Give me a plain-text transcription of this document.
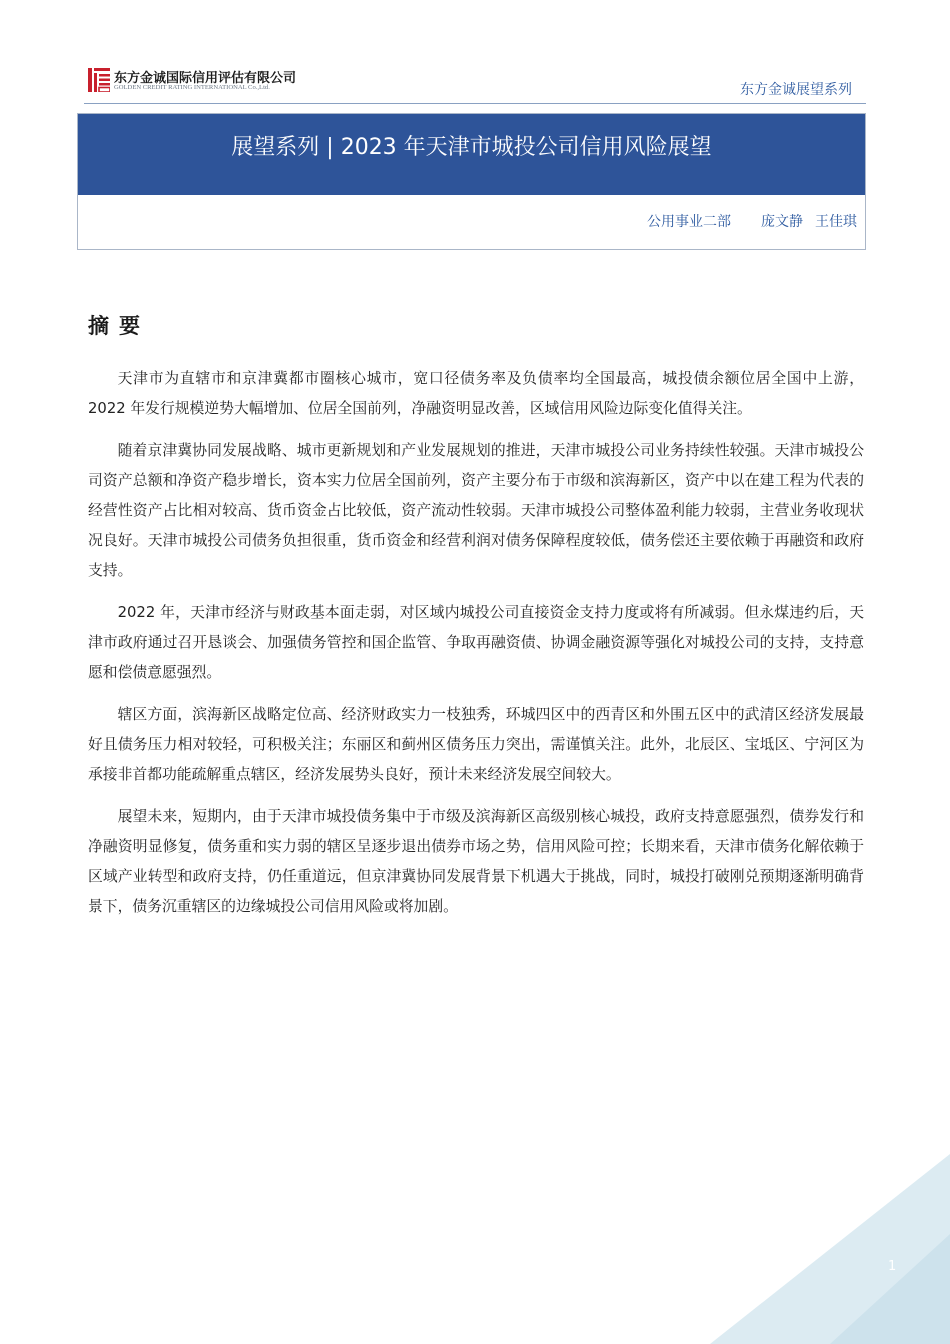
东方金诚国际信用评估有限公司
GOLDEN CREDIT RATING INTERNATIONAL Co.,Ltd.	东方金诚展望系列
展望系列 | 2023 年天津市城投公司信用风险展望
公用事业二部 庞文静 王佳琪
摘要

天津市为直辖市和京津冀都市圈核心城市，宽口径债务率及负债率均全国最高，城投债余额位居全国中上游，2022 年发行规模逆势大幅增加、位居全国前列，净融资明显改善，区域信用风险边际变化值得关注。

随着京津冀协同发展战略、城市更新规划和产业发展规划的推进，天津市城投公司业务持续性较强。天津市城投公司资产总额和净资产稳步增长，资本实力位居全国前列，资产主要分布于市级和滨海新区，资产中以在建工程为代表的经营性资产占比相对较高、货币资金占比较低，资产流动性较弱。天津市城投公司整体盈利能力较弱，主营业务收现状况良好。天津市城投公司债务负担很重，货币资金和经营利润对债务保障程度较低，债务偿还主要依赖于再融资和政府支持。

2022 年，天津市经济与财政基本面走弱，对区域内城投公司直接资金支持力度或将有所减弱。但永煤违约后，天津市政府通过召开恳谈会、加强债务管控和国企监管、争取再融资债、协调金融资源等强化对城投公司的支持，支持意愿和偿债意愿强烈。

辖区方面，滨海新区战略定位高、经济财政实力一枝独秀，环城四区中的西青区和外围五区中的武清区经济发展最好且债务压力相对较轻，可积极关注；东丽区和蓟州区债务压力突出，需谨慎关注。此外，北辰区、宝坻区、宁河区为承接非首都功能疏解重点辖区，经济发展势头良好，预计未来经济发展空间较大。

展望未来，短期内，由于天津市城投债务集中于市级及滨海新区高级别核心城投，政府支持意愿强烈，债券发行和净融资明显修复，债务重和实力弱的辖区呈逐步退出债券市场之势，信用风险可控；长期来看，天津市债务化解依赖于区域产业转型和政府支持，仍任重道远，但京津冀协同发展背景下机遇大于挑战，同时，城投打破刚兑预期逐渐明确背景下，债务沉重辖区的边缘城投公司信用风险或将加剧。

1
